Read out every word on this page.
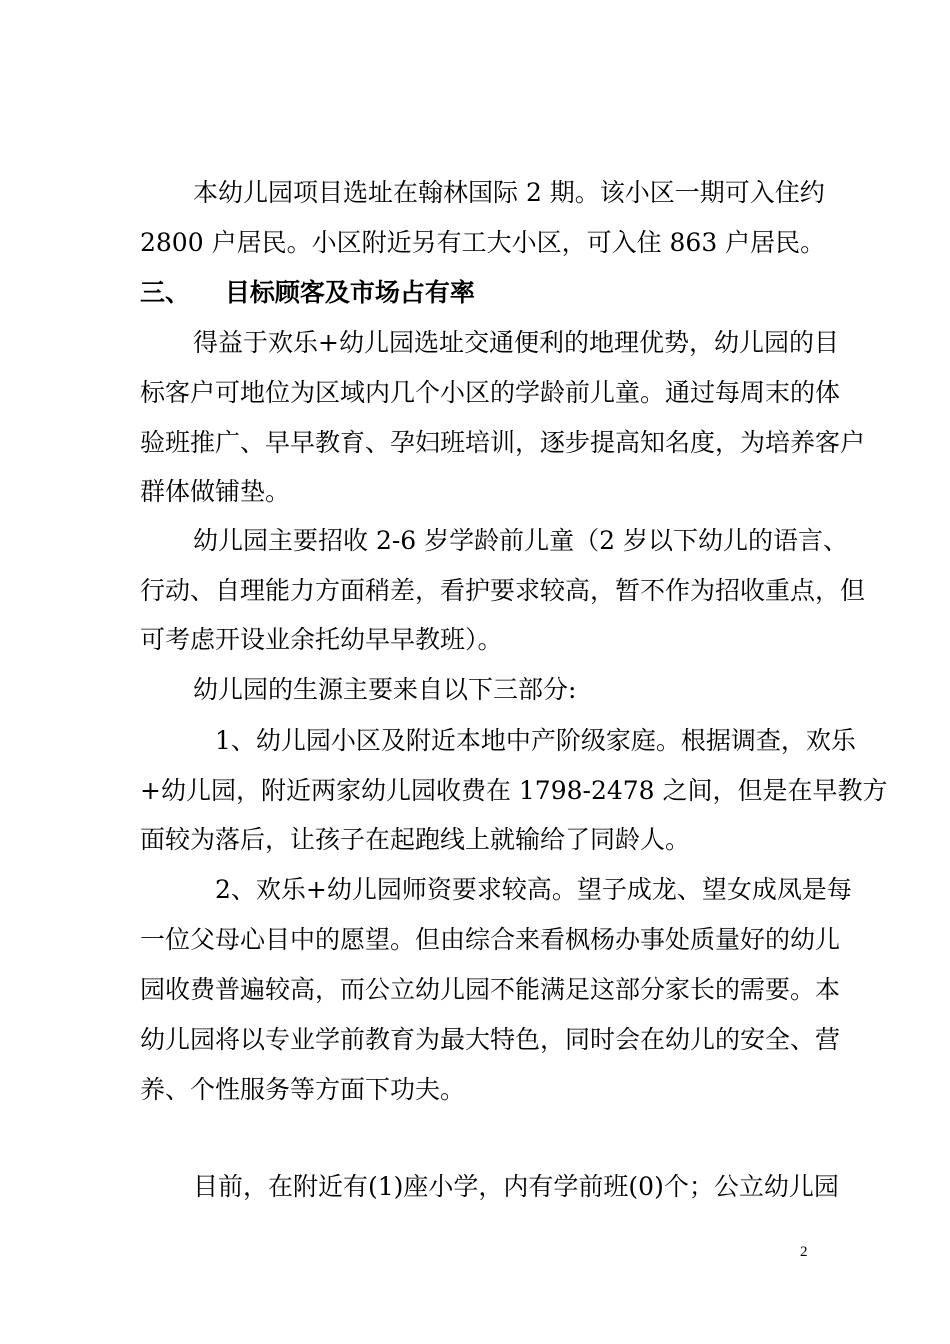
本幼儿园项目选址在翰林国际 2 期。该小区一期可入住约
2800 户居民。小区附近另有工大小区，可入住 863 户居民。
三、    目标顾客及市场占有率
得益于欢乐+幼儿园选址交通便利的地理优势，幼儿园的目
标客户可地位为区域内几个小区的学龄前儿童。通过每周末的体
验班推广、早早教育、孕妇班培训，逐步提高知名度，为培养客户
群体做铺垫。
幼儿园主要招收 2-6 岁学龄前儿童（2 岁以下幼儿的语言、
行动、自理能力方面稍差，看护要求较高，暂不作为招收重点，但
可考虑开设业余托幼早早教班）。
幼儿园的生源主要来自以下三部分:
1、幼儿园小区及附近本地中产阶级家庭。根据调查，欢乐
+幼儿园，附近两家幼儿园收费在 1798-2478 之间，但是在早教方
面较为落后，让孩子在起跑线上就输给了同龄人。
2、欢乐+幼儿园师资要求较高。望子成龙、望女成凤是每
一位父母心目中的愿望。但由综合来看枫杨办事处质量好的幼儿
园收费普遍较高，而公立幼儿园不能满足这部分家长的需要。本
幼儿园将以专业学前教育为最大特色，同时会在幼儿的安全、营
养、个性服务等方面下功夫。
目前，在附近有(1)座小学，内有学前班(0)个；公立幼儿园
2
